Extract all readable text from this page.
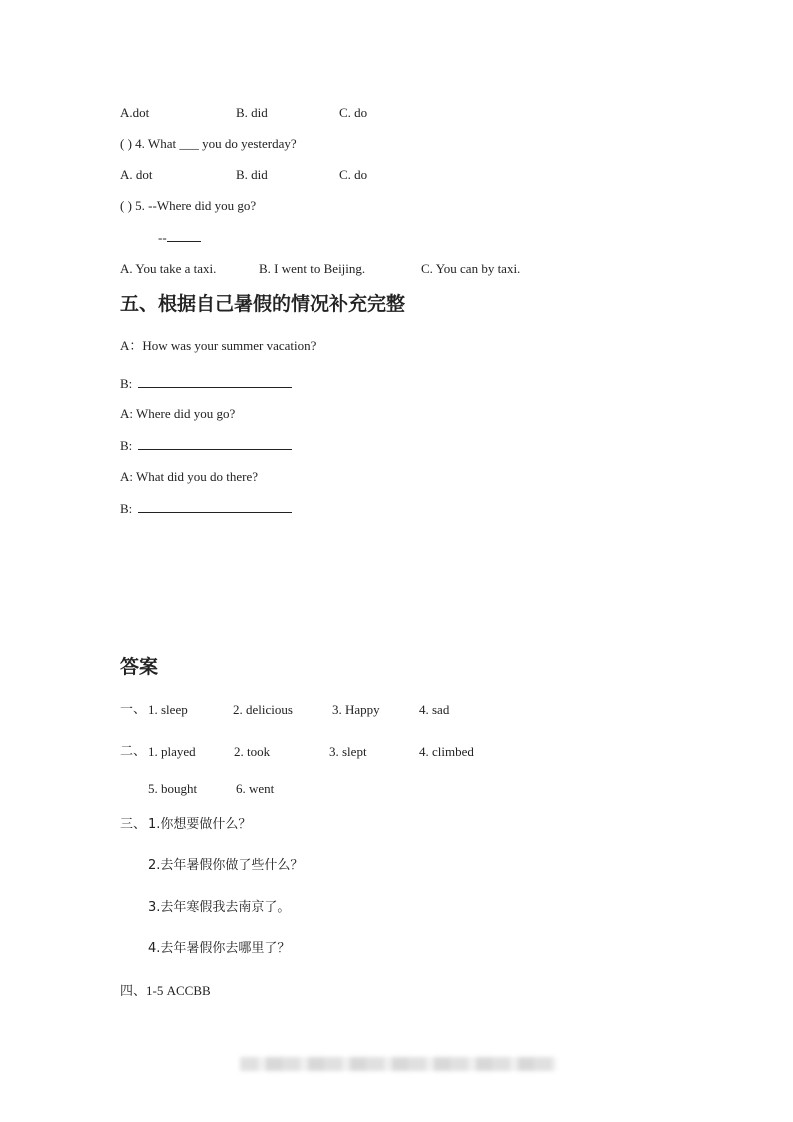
A.dot	B. did	C. do
( ) 4. What ___ you do yesterday?
A. dot	B. did	C. do
( ) 5. --Where did you go?
--
A. You take a taxi.	B. I went to Beijing.	C. You can by taxi.
五、根据自己暑假的情况补充完整
A：How was your summer vacation?
B:
A: Where did you go?
B:
A: What did you do there?
B:
答案
一、 1. sleep	2. delicious	3. Happy	4. sad
二、 1. played	2. took	3. slept	4. climbed
5. bought	6. went
三、 1.你想要做什么？
2.去年暑假你做了些什么？
3.去年寒假我去南京了。
4.去年暑假你去哪里了？
四、1-5 ACCBB
